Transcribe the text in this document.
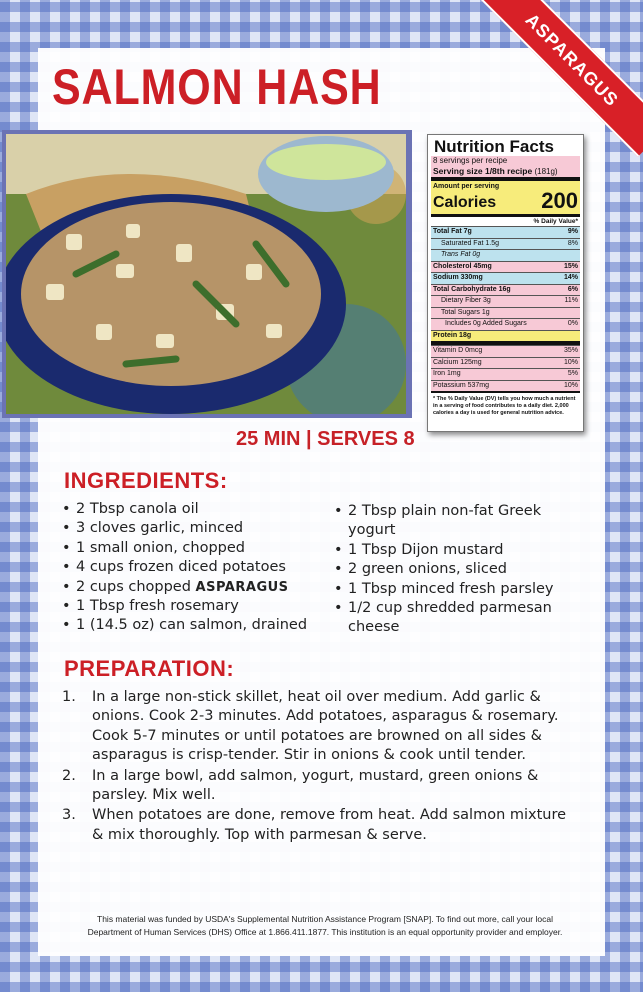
ASPARAGUS
SALMON HASH
25 MIN | SERVES 8
Nutrition Facts
8 servings per recipe
Serving size 1/8th recipe (181g)
Amount per serving
Calories 200
% Daily Value*
Total Fat 7g	9%
Saturated Fat 1.5g	8%
Trans Fat 0g
Cholesterol 45mg	15%
Sodium 330mg	14%
Total Carbohydrate 16g	6%
Dietary Fiber 3g	11%
Total Sugars 1g
Includes 0g Added Sugars	0%
Protein 18g
Vitamin D 0mcg	35%
Calcium 125mg	10%
Iron 1mg	5%
Potassium 537mg	10%
* The % Daily Value (DV) tells you how much a nutrient in a serving of food contributes to a daily diet. 2,000 calories a day is used for general nutrition advice.
INGREDIENTS:
• 2 Tbsp canola oil
• 3 cloves garlic, minced
• 1 small onion, chopped
• 4 cups frozen diced potatoes
• 2 cups chopped ASPARAGUS
• 1 Tbsp fresh rosemary
• 1 (14.5 oz) can salmon, drained
• 2 Tbsp plain non-fat Greek yogurt
• 1 Tbsp Dijon mustard
• 2 green onions, sliced
• 1 Tbsp minced fresh parsley
• 1/2 cup shredded parmesan cheese
PREPARATION:
1. In a large non-stick skillet, heat oil over medium. Add garlic & onions. Cook 2-3 minutes. Add potatoes, asparagus & rosemary. Cook 5-7 minutes or until potatoes are browned on all sides & asparagus is crisp-tender. Stir in onions & cook until tender.
2. In a large bowl, add salmon, yogurt, mustard, green onions & parsley. Mix well.
3. When potatoes are done, remove from heat. Add salmon mixture & mix thoroughly. Top with parmesan & serve.
This material was funded by USDA's Supplemental Nutrition Assistance Program [SNAP]. To find out more, call your local
Department of Human Services (DHS) Office at 1.866.411.1877. This institution is an equal opportunity provider and employer.
